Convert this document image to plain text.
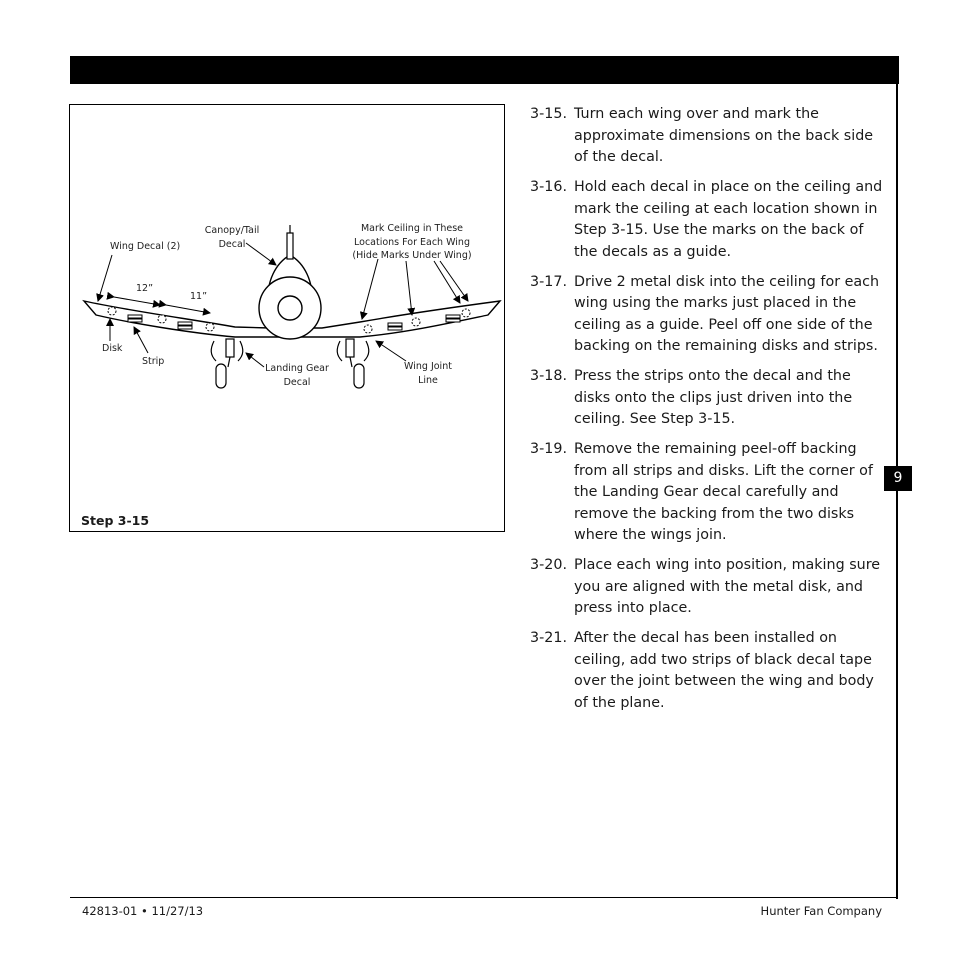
9
Wing Decal (2)
Canopy/Tail
Decal
Mark Ceiling in These
Locations For Each Wing
(Hide Marks Under Wing)
12”
11”
Disk
Strip
Landing Gear
Decal
Wing Joint
Line
Step 3-15
3-15. Turn each wing over and mark the approximate dimensions on the back side of the decal.
3-16. Hold each decal in place on the ceiling and mark the ceiling at each location shown in Step 3-15. Use the marks on the back of the decals as a guide.
3-17. Drive 2 metal disk into the ceiling for each wing using the marks just placed in the ceiling as a guide. Peel off one side of the backing on the remaining disks and strips.
3-18. Press the strips onto the decal and the disks onto the clips just driven into the ceiling. See Step 3-15.
3-19. Remove the remaining peel-off backing from all strips and disks. Lift the corner of the Landing Gear decal carefully and remove the backing from the two disks where the wings join.
3-20. Place each wing into position, making sure you are aligned with the metal disk, and press into place.
3-21. After the decal has been installed on ceiling, add two strips of black decal tape over the joint between the wing and body of the plane.
42813-01 • 11/27/13	Hunter Fan Company
